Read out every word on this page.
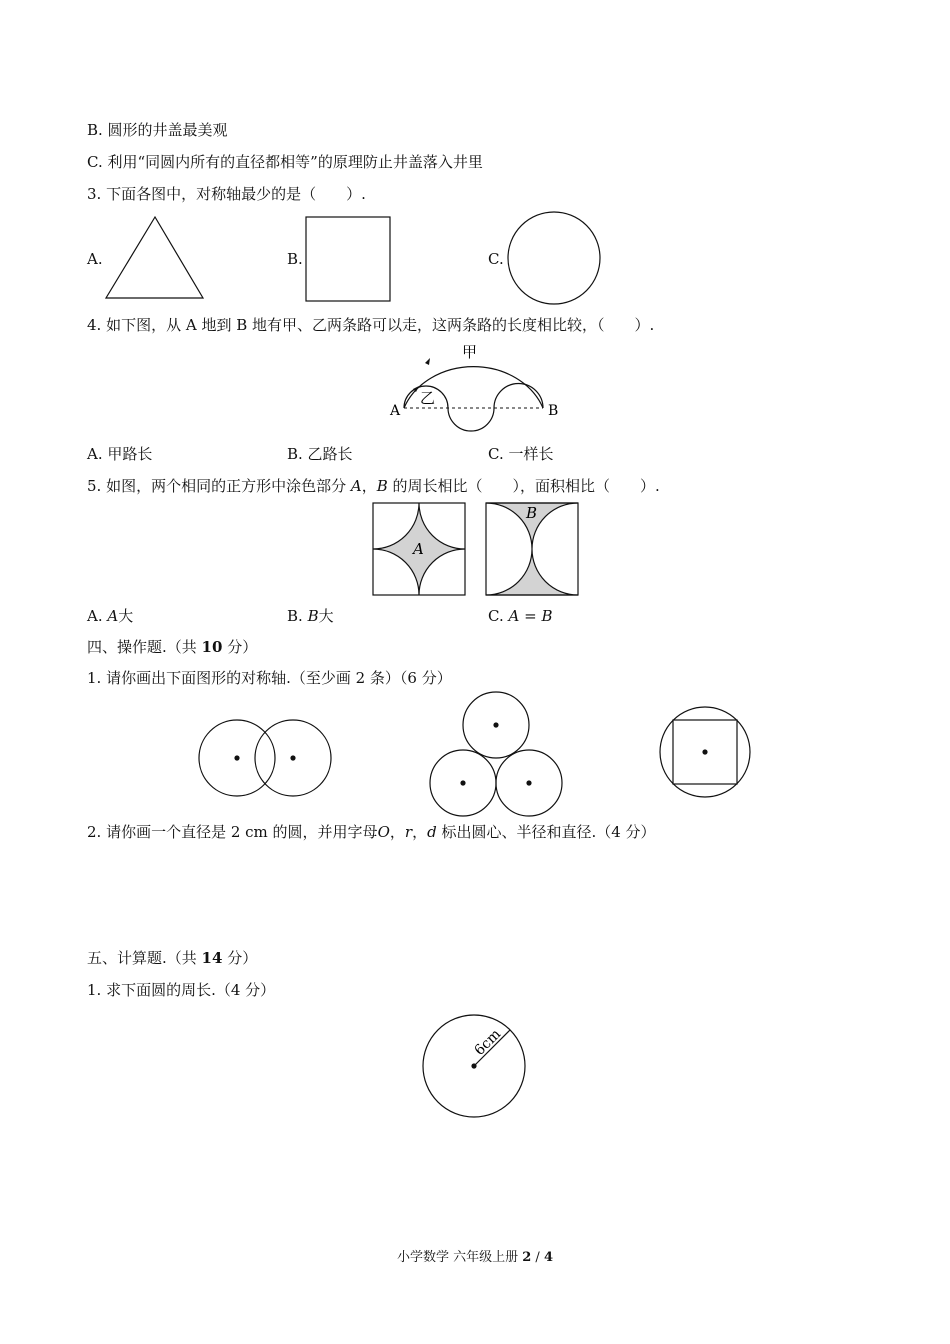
B. 圆形的井盖最美观
C. 利用“同圆内所有的直径都相等”的原理防止井盖落入井里
3. 下面各图中，对称轴最少的是（　　）.
A.	B.	C.
4. 如下图，从 A 地到 B 地有甲、乙两条路可以走，这两条路的长度相比较，（　　）.
甲
乙
A	B
A. 甲路长	B. 乙路长	C. 一样长
5. 如图，两个相同的正方形中涂色部分 A，B 的周长相比（　　），面积相比（　　）.
A
B
A. A大	B. B大	C. A = B
四、操作题.（共 10 分）
1. 请你画出下面图形的对称轴.（至少画 2 条）（6 分）
2. 请你画一个直径是 2 cm 的圆，并用字母O，r，d 标出圆心、半径和直径.（4 分）
五、计算题.（共 14 分）
1. 求下面圆的周长.（4 分）
6cm
小学数学 六年级上册 2 / 4
